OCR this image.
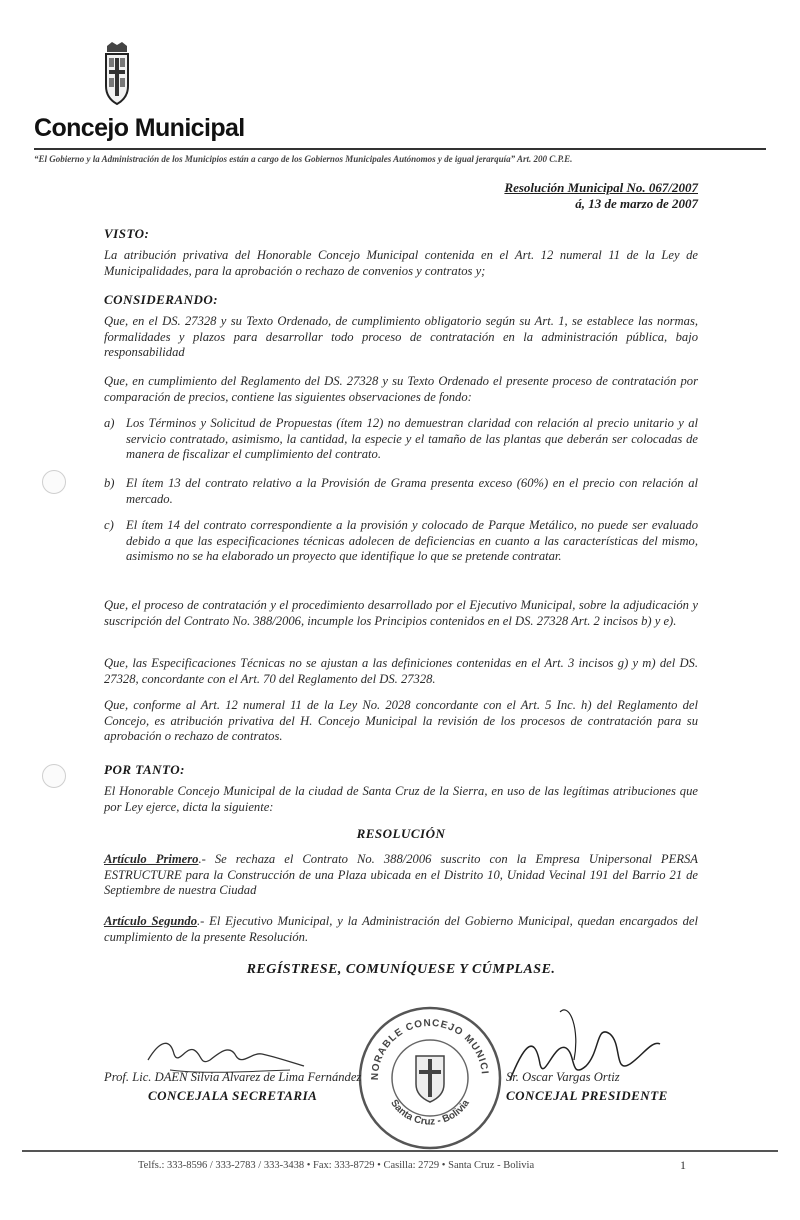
Concejo Municipal
“El Gobierno y la Administración de los Municipios están a cargo de los Gobiernos Municipales Autónomos y de igual jerarquía” Art. 200 C.P.E.
Resolución Municipal No. 067/2007
á, 13 de marzo de 2007
VISTO:
La atribución privativa del Honorable Concejo Municipal contenida en el Art. 12 numeral 11 de la Ley de Municipalidades, para la aprobación o rechazo de convenios y contratos y;
CONSIDERANDO:
Que, en el DS. 27328 y su Texto Ordenado, de cumplimiento obligatorio según su Art. 1, se establece las normas, formalidades y plazos para desarrollar todo proceso de contratación en la administración pública, bajo responsabilidad
Que, en cumplimiento del Reglamento del DS. 27328 y su Texto Ordenado el presente proceso de contratación por comparación de precios, contiene las siguientes observaciones de fondo:
a) Los Términos y Solicitud de Propuestas (ítem 12) no demuestran claridad con relación al precio unitario y al servicio contratado, asimismo, la cantidad, la especie y el tamaño de las plantas que deberán ser colocadas de manera de fiscalizar el cumplimiento del contrato.
b) El ítem 13 del contrato relativo a la Provisión de Grama presenta exceso (60%) en el precio con relación al mercado.
c) El ítem 14 del contrato correspondiente a la provisión y colocado de Parque Metálico, no puede ser evaluado debido a que las especificaciones técnicas adolecen de deficiencias en cuanto a las características del mismo, asimismo no se ha elaborado un proyecto que identifique lo que se pretende contratar.
Que, el proceso de contratación y el procedimiento desarrollado por el Ejecutivo Municipal, sobre la adjudicación y suscripción del Contrato No. 388/2006, incumple los Principios contenidos en el DS. 27328 Art. 2 incisos b) y e).
Que, las Especificaciones Técnicas no se ajustan a las definiciones contenidas en el Art. 3 incisos g) y m) del DS. 27328, concordante con el Art. 70 del Reglamento del DS. 27328.
Que, conforme al Art. 12 numeral 11 de la Ley No. 2028 concordante con el Art. 5 Inc. h) del Reglamento del Concejo, es atribución privativa del H. Concejo Municipal la revisión de los procesos de contratación para su aprobación o rechazo de contratos.
POR TANTO:
El Honorable Concejo Municipal de la ciudad de Santa Cruz de la Sierra, en uso de las legítimas atribuciones que por Ley ejerce, dicta la siguiente:
RESOLUCIÓN
Artículo Primero.- Se rechaza el Contrato No. 388/2006 suscrito con la Empresa Unipersonal PERSA ESTRUCTURE para la Construcción de una Plaza ubicada en el Distrito 10, Unidad Vecinal 191 del Barrio 21 de Septiembre de nuestra Ciudad
Artículo Segundo.- El Ejecutivo Municipal, y la Administración del Gobierno Municipal, quedan encargados del cumplimiento de la presente Resolución.
REGÍSTRESE, COMUNÍQUESE Y CÚMPLASE.
NORABLE CONCEJO MUNICI
Santa Cruz - Bolivia
Prof. Lic. DAEN Silvia Alvarez de Lima Fernández
CONCEJALA SECRETARIA
Sr. Oscar Vargas Ortiz
CONCEJAL PRESIDENTE
Telfs.: 333-8596 / 333-2783 / 333-3438 • Fax: 333-8729 • Casilla: 2729 • Santa Cruz - Bolivia	1
